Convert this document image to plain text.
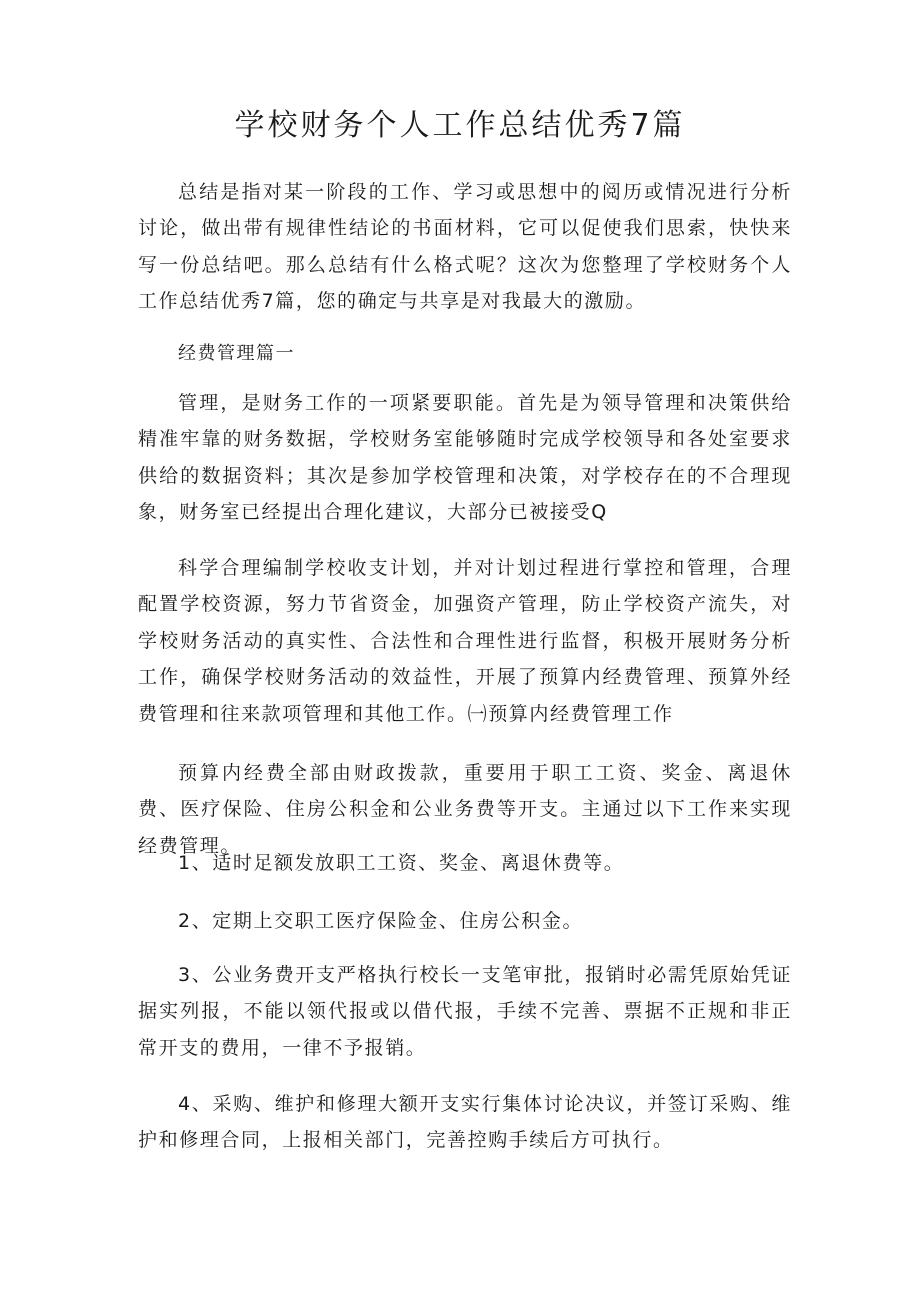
学校财务个人工作总结优秀7篇

总结是指对某一阶段的工作、学习或思想中的阅历或情况进行分析讨论，做出带有规律性结论的书面材料，它可以促使我们思索，快快来写一份总结吧。那么总结有什么格式呢？这次为您整理了学校财务个人工作总结优秀7篇，您的确定与共享是对我最大的激励。

经费管理篇一

管理，是财务工作的一项紧要职能。首先是为领导管理和决策供给精准牢靠的财务数据，学校财务室能够随时完成学校领导和各处室要求供给的数据资料；其次是参加学校管理和决策，对学校存在的不合理现象，财务室已经提出合理化建议，大部分已被接受Q

科学合理编制学校收支计划，并对计划过程进行掌控和管理，合理配置学校资源，努力节省资金，加强资产管理，防止学校资产流失，对学校财务活动的真实性、合法性和合理性进行监督，积极开展财务分析工作，确保学校财务活动的效益性，开展了预算内经费管理、预算外经费管理和往来款项管理和其他工作。㈠预算内经费管理工作

预算内经费全部由财政拨款，重要用于职工工资、奖金、离退休费、医疗保险、住房公积金和公业务费等开支。主通过以下工作来实现经费管理。

1、适时足额发放职工工资、奖金、离退休费等。

2、定期上交职工医疗保险金、住房公积金。

3、公业务费开支严格执行校长一支笔审批，报销时必需凭原始凭证据实列报，不能以领代报或以借代报，手续不完善、票据不正规和非正常开支的费用，一律不予报销。

4、采购、维护和修理大额开支实行集体讨论决议，并签订采购、维护和修理合同，上报相关部门，完善控购手续后方可执行。
